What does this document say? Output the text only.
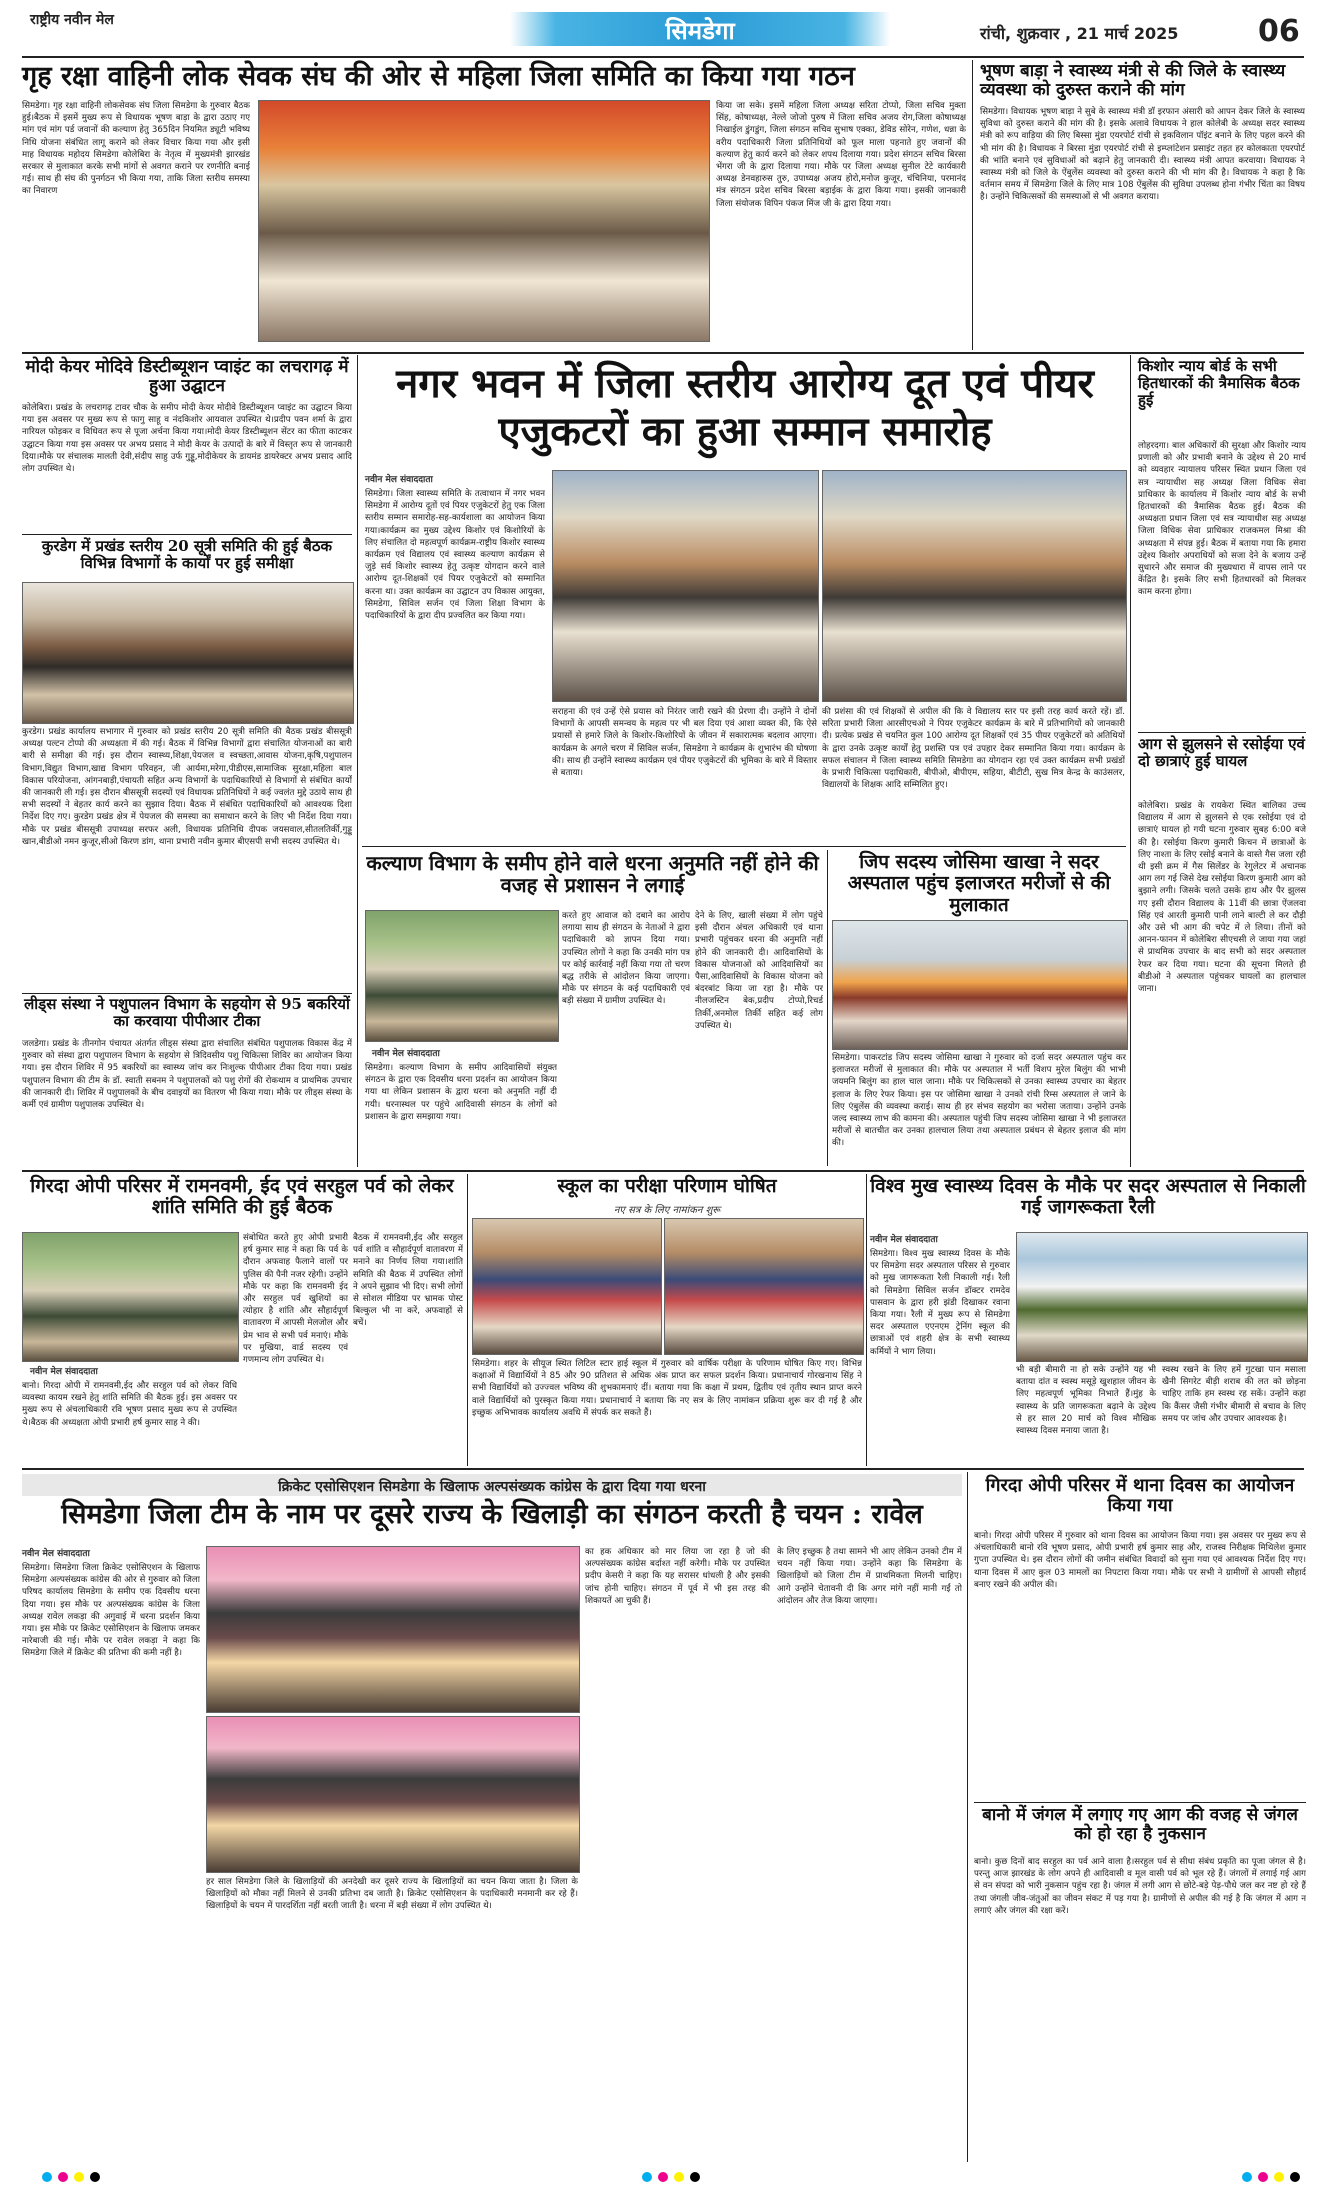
राष्ट्रीय नवीन मेल	सिमडेगा	रांची, शुक्रवार , 21 मार्च 2025	06
गृह रक्षा वाहिनी लोक सेवक संघ की ओर से महिला जिला समिति का किया गया गठन
सिमडेगा। गृह रक्षा वाहिनी लोकसेवक संघ जिला सिमडेगा के गुरुवार बैठक हुई।बैठक में इसमें मुख्य रूप से विधायक भूषण बाड़ा के द्वारा उठाए गए मांग एवं मांग पर्ड जवानों की कल्याण हेतु 365दिन नियमित ड्यूटी भविष्य निधि योजना संबंधित लागू कराने को लेकर विचार किया गया और इसी माह विधायक महोदय सिमडेगा कोलेबिरा के नेतृत्व में मुख्यमंत्री झारखंड सरकार से मुलाकात करके सभी मांगों से अवगत कराने पर रणनीति बनाई गई। साथ ही संघ की पुनर्गठन भी किया गया, ताकि जिला स्तरीय समस्या का निवारण
किया जा सके। इसमें महिला जिला अध्यक्ष सरिता टोप्पो, जिला सचिव मुक्ता सिंह, कोषाध्यक्ष, नेल्ले जोजो पुरुष में जिला सचिव अजय रोग,जिला कोषाध्यक्ष निखाईल डुंगडुंग, जिला संगठन सचिव सुभाष एक्का, डेविड सोरेन, गणेश, धन्ना के वरीय पदाधिकारी जिला प्रतिनिधियों को फूल माला पहनाते हुए जवानों की कल्याण हेतु कार्य करने को लेकर शपथ दिलाया गया। प्रदेश संगठन सचिव बिरसा भेंगरा जी के द्वारा दिलाया गया। मौके पर जिला अध्यक्ष सुनील टेटे कार्यकारी अध्यक्ष डेनवहारुस तुरु, उपाध्यक्ष अजय होरो,मनोज कुजूर, चंचिनिया, परमानंद मंत्र संगठन प्रदेश सचिव बिरसा बड़ाईक के द्वारा किया गया। इसकी जानकारी जिला संयोजक विपिन पंकज मिंज जी के द्वारा दिया गया।
भूषण बाड़ा ने स्वास्थ्य मंत्री से की जिले के स्वास्थ्य व्यवस्था को दुरुस्त कराने की मांग
सिमडेगा। विधायक भूषण बाड़ा ने सुबे के स्वास्थ्य मंत्री डॉ इरफान अंसारी को आपन देकर जिले के स्वास्थ्य सुविधा को दुरुस्त कराने की मांग की है। इसके अलावे विधायक ने हाल कोलेबी के अध्यक्ष सदर स्वास्थ्य मंत्री को रूप वाड़िया की लिए बिस्सा मुंडा एयरपोर्ट रांची से इकविलान पॉइंट बनाने के लिए पहल करने की भी मांग की है। विधायक ने बिरसा मुंडा एयरपोर्ट रांची से इम्प्लांटेशन प्रसाइंट तहत हर कोलकाता एयरपोर्ट की भांति बनाने एवं सुविधाओं को बढ़ाने हेतु जानकारी दी। स्वास्थ्य मंत्री आपत करवाया। विधायक ने स्वास्थ्य मंत्री को जिले के ऐंबुलेंस व्यवस्था को दुरुस्त कराने की भी मांग की है। विधायक ने कहा है कि वर्तमान समय में सिमडेगा जिले के लिए मात्र 108 ऐंबुलेंस की सुविधा उपलब्ध होना गंभीर चिंता का विषय है। उन्होंने चिकित्सकों की समस्याओं से भी अवगत कराया।
मोदी केयर मोदिवे डिस्टीब्यूशन प्वाइंट का लचरागढ़ में हुआ उद्घाटन
कोलेबिरा। प्रखंड के लचरागढ़ टावर चौक के समीप मोदी केयर मोदीवे डिस्टीब्यूशन प्वाइंट का उद्घाटन किया गया इस अवसर पर मुख्य रूप से फागु साहू व नंदकिशोर आयवाल उपस्थित थे।प्रदीप पवन शर्मा के द्वारा नारियल फोड़कर व विधिवत रूप से पूजा अर्चना किया गया।मोदी केयर डिस्टीब्यूशन सेंटर का फीता काटकर उद्घाटन किया गया इस अवसर पर अभय प्रसाद ने मोदी केयर के उत्पादों के बारे में विस्तृत रूप से जानकारी दिया।मौके पर संचालक मालती देवी,संदीप साहु उर्फ गुड्डू,मोदीकेयर के डायमंड डायरेक्टर अभय प्रसाद आदि लोग उपस्थित थे।
कुरडेग में प्रखंड स्तरीय 20 सूत्री समिति की हुई बैठक विभिन्न विभागों के कार्यों पर हुई समीक्षा
कुरडेग। प्रखंड कार्यालय सभागार में गुरुवार को प्रखंड स्तरीय 20 सूत्री समिति की बैठक प्रखंड बीससूत्री अध्यक्ष पल्टन टोप्पो की अध्यक्षता में की गई। बैठक में विभिन्न विभागों द्वारा संचालित योजनाओं का बारी बारी से समीक्षा की गई। इस दौरान स्वास्थ्य,शिक्षा,पेयजल व स्वच्छता,आवास योजना,कृषि,पशुपालन विभाग,विद्युत विभाग,खाद्य विभाग परिवहन, जी आर्यमा,मरेगा,पीडीएस,सामाजिक सुरक्षा,महिला बाल विकास परियोजना, आंगनबाड़ी,पंचायती सहित अन्य विभागों के पदाधिकारियों से विभागों से संबंधित कार्यों की जानकारी ली गई। इस दौरान बीससूत्री सदस्यों एवं विधायक प्रतिनिधियों ने कई ज्वलंत मुद्दे उठाये साथ ही सभी सदस्यों ने बेहतर कार्य करने का सुझाव दिया। बैठक में संबंधित पदाधिकारियों को आवश्यक दिशा निर्देश दिए गए। कुरडेग प्रखंड क्षेत्र में पेयजल की समस्या का समाधान करने के लिए भी निर्देश दिया गया। मौके पर प्रखंड बीससूत्री उपाध्यक्ष सरफर अली, विधायक प्रतिनिधि दीपक जयसवाल,सीतलतिर्की,गुड्डू खान,बीडीओ नमन कुजूर,सीओ किरण डांग, थाना प्रभारी नवीन कुमार बीएसपी सभी सदस्य उपस्थित थे।
लीड्स संस्था ने पशुपालन विभाग के सहयोग से 95 बकरियों का करवाया पीपीआर टीका
जलडेगा। प्रखंड के तीनगोन पंचायत अंतर्गत लीड्स संस्था द्वारा संचालित संबंधित पशुपालक विकास केंद्र में गुरुवार को संस्था द्वारा पशुपालन विभाग के सहयोग से त्रिदिवसीय पशु चिकित्सा शिविर का आयोजन किया गया। इस दौरान शिविर में 95 बकरियों का स्वास्थ्य जांच कर निःशुल्क पीपीआर टीका दिया गया। प्रखंड पशुपालन विभाग की टीम के डॉ. स्वाती सबनम ने पशुपालकों को पशु रोगों की रोकथाम व प्राथमिक उपचार की जानकारी दी। शिविर में पशुपालकों के बीच दवाइयों का वितरण भी किया गया। मौके पर लीड्स संस्था के कर्मी एवं ग्रामीण पशुपालक उपस्थित थे।
नगर भवन में जिला स्तरीय आरोग्य दूत एवं पीयर एजुकटरों का हुआ सम्मान समारोह
नवीन मेल संवाददाता
सिमडेगा। जिला स्वास्थ्य समिति के तत्वाधान में नगर भवन सिमडेगा में आरोग्य दूतों एवं पियर एजुकेटरों हेतु एक जिला स्तरीय सम्मान समारोह-सह-कार्यशाला का आयोजन किया गया।कार्यक्रम का मुख्य उद्देश्य किशोर एवं किशोरियों के लिए संचालित दो महत्वपूर्ण कार्यक्रम-राष्ट्रीय किशोर स्वास्थ्य कार्यक्रम एवं विद्यालय एवं स्वास्थ्य कल्याण कार्यक्रम से जुड़े सर्व किशोर स्वास्थ्य हेतु उत्कृष्ट योगदान करने वाले आरोग्य दूत-शिक्षकों एवं पियर एजुकेटरों को सम्मानित करना था। उक्त कार्यक्रम का उद्घाटन उप विकास आयुक्त, सिमडेगा, सिविल सर्जन एवं जिला शिक्षा विभाग के पदाधिकारियों के द्वारा दीप प्रज्वलित कर किया गया।
सराहना की एवं उन्हें ऐसे प्रयास को निरंतर जारी रखने की प्रेरणा दी। उन्होंने ने दोनों विभागों के आपसी समन्वय के महत्व पर भी बल दिया एवं आशा व्यक्त की, कि ऐसे प्रयासों से हमारे जिले के किशोर-किशोरियों के जीवन में सकारात्मक बदलाव आएगा। कार्यक्रम के अगले चरण में सिविल सर्जन, सिमडेगा ने कार्यक्रम के शुभारंभ की घोषणा की। साथ ही उन्होंने स्वास्थ्य कार्यक्रम एवं पीयर एजुकेटरों की भूमिका के बारे में विस्तार से बताया।
की प्रशंसा की एवं शिक्षकों से अपील की कि वे विद्यालय स्तर पर इसी तरह कार्य करते रहें। डॉ. सरिता प्रभारी जिला आरसीएचओ ने पियर एजुकेटर कार्यक्रम के बारे में प्रतिभागियों को जानकारी दी। प्रत्येक प्रखंड से चयनित कुल 100 आरोग्य दूत शिक्षकों एवं 35 पीयर एजुकेटरों को अतिथियों के द्वारा उनके उत्कृष्ट कार्यों हेतु प्रशस्ति पत्र एवं उपहार देकर सम्मानित किया गया। कार्यक्रम के सफल संचालन में जिला स्वास्थ्य समिति सिमडेगा का योगदान रहा एवं उक्त कार्यक्रम सभी प्रखंडों के प्रभारी चिकित्सा पदाधिकारी, बीपीओ, बीपीएम, सहिया, बीटीटी, सुख मित्र केन्द्र के काउंसलर, विद्यालयों के शिक्षक आदि सम्मिलित हुए।
किशोर न्याय बोर्ड के सभी हितधारकों की त्रैमासिक बैठक हुई
लोहरदगा। बाल अधिकारों की सुरक्षा और किशोर न्याय प्रणाली को और प्रभावी बनाने के उद्देश्य से 20 मार्च को व्यवहार न्यायालय परिसर स्थित प्रधान जिला एवं सत्र न्यायाधीश सह अध्यक्ष जिला विधिक सेवा प्राधिकार के कार्यालय में किशोर न्याय बोर्ड के सभी हितधारकों की त्रैमासिक बैठक हुई। बैठक की अध्यक्षता प्रधान जिला एवं सत्र न्यायाधीश सह अध्यक्ष जिला विधिक सेवा प्राधिकार राजकमल मिश्रा की अध्यक्षता में संपन्न हुई। बैठक में बताया गया कि हमारा उद्देश्य किशोर अपराधियों को सजा देने के बजाय उन्हें सुधारने और समाज की मुख्यधारा में वापस लाने पर केंद्रित है। इसके लिए सभी हितधारकों को मिलकर काम करना होगा।
आग से झुलसने से रसोईया एवं दो छात्राएं हुई घायल
कोलेबिरा। प्रखंड के रायकेरा स्थित बालिका उच्च विद्यालय में आग से झुलसने से एक रसोईया एवं दो छात्राएं घायल हो गयी घटना गुरुवार सुबह 6:00 बजे की है। रसोईया किरण कुमारी किचन में छात्राओं के लिए नाश्ता के लिए रसोई बनाने के वास्ते गैस जला रही थी इसी क्रम में गैस सिलेंडर के रेगुलेटर में अचानक आग लग गई जिसे देख रसोईया किरण कुमारी आग को बुझाने लगी। जिसके चलते उसके हाथ और पैर झुलस गए इसी दौरान विद्यालय के 11वीं की छात्रा ऐंजलवा सिंह एवं आरती कुमारी पानी लाने बाल्टी ले कर दौड़ी और उसे भी आग की चपेट में ले लिया। तीनों को आनन-फानन में कोलेबिरा सीएचसी ले जाया गया जहां से प्राथमिक उपचार के बाद सभी को सदर अस्पताल रेफर कर दिया गया। घटना की सूचना मिलते ही बीडीओ ने अस्पताल पहुंचकर घायलों का हालचाल जाना।
कल्याण विभाग के समीप होने वाले धरना अनुमति नहीं होने की वजह से प्रशासन ने लगाई
नवीन मेल संवाददाता
सिमडेगा। कल्याण विभाग के समीप आदिवासियों संयुक्त संगठन के द्वारा एक दिवसीय धरना प्रदर्शन का आयोजन किया गया था लेकिन प्रशासन के द्वारा धरना को अनुमति नहीं दी गयी। धरनास्थल पर पहुंचे आदिवासी संगठन के लोगों को प्रशासन के द्वारा समझाया गया।
करते हुए आवाज को दबाने का आरोप लगाया साथ ही संगठन के नेताओं ने द्वारा पदाधिकारी को ज्ञापन दिया गया। उपस्थित लोगों ने कहा कि उनकी मांग पत्र पर कोई कार्रवाई नहीं किया गया तो चरण बद्ध तरीके से आंदोलन किया जाएगा। मौके पर संगठन के कई पदाधिकारी एवं बड़ी संख्या में ग्रामीण उपस्थित थे।
देने के लिए, खाली संख्या में लोग पहुंचे इसी दौरान अंचल अधिकारी एवं थाना प्रभारी पहुंचकर धरना की अनुमति नहीं होने की जानकारी दी। आदिवासियों के विकास योजनाओं को आदिवासियों का पैसा,आदिवासियों के विकास योजना को बंदरबांट किया जा रहा है। मौके पर नीलजस्टिन बेक,प्रदीप टोप्पो,रिचर्ड तिर्की,अनमोल तिर्की सहित कई लोग उपस्थित थे।
जिप सदस्य जोसिमा खाखा ने सदर अस्पताल पहुंच इलाजरत मरीजों से की मुलाकात
सिमडेगा। पाकरटांड जिप सदस्य जोसिमा खाखा ने गुरुवार को दर्जा सदर अस्पताल पहुंच कर इलाजरत मरीजों से मुलाकात की। मौके पर अस्पताल में भर्ती विशप मुरेल बिलुंग की भाभी जयमनि बिलुंग का हाल चाल जाना। मौके पर चिकित्सकों से उनका स्वास्थ्य उपचार का बेहतर इलाज के लिए रेफर किया। इस पर जोसिमा खाखा ने उनको रांची रिम्स अस्पताल ले जाने के लिए एंबुलेंस की व्यवस्था कराई। साथ ही हर संभव सहयोग का भरोसा जताया। उन्होंने उनके जल्द स्वास्थ्य लाभ की कामना की। अस्पताल पहुंची जिप सदस्य जोसिमा खाखा ने भी इलाजरत मरीजों से बातचीत कर उनका हालचाल लिया तथा अस्पताल प्रबंधन से बेहतर इलाज की मांग की।
गिरदा ओपी परिसर में रामनवमी, ईद एवं सरहुल पर्व को लेकर शांति समिति की हुई बैठक
नवीन मेल संवाददाता
बानो। गिरदा ओपी में रामनवमी,ईद और सरहुल पर्व को लेकर विधि व्यवस्था कायम रखने हेतु शांति समिति की बैठक हुई। इस अवसर पर मुख्य रूप से अंचलाधिकारी रवि भूषण प्रसाद मुख्य रूप से उपस्थित थे।बैठक की अध्यक्षता ओपी प्रभारी हर्ष कुमार साह ने की।
संबोधित करते हुए ओपी प्रभारी हर्ष कुमार साह ने कहा कि पर्व के दौरान अफवाह फैलाने वालों पर पुलिस की पैनी नजर रहेगी। उन्होंने मौके पर कहा कि रामनवमी ईद और सरहुल पर्व खुशियों का त्योहार है शांति और सौहार्दपूर्ण वातावरण में आपसी मेलजोल और प्रेम भाव से सभी पर्व मनाएं। मौके पर मुखिया, वार्ड सदस्य एवं गणमान्य लोग उपस्थित थे।
बैठक में रामनवमी,ईद और सरहुल पर्व शांति व सौहार्दपूर्ण वातावरण में मनाने का निर्णय लिया गया।शांति समिति की बैठक में उपस्थित लोगों ने अपने सुझाव भी दिए। सभी लोगों से सोशल मीडिया पर भ्रामक पोस्ट बिल्कुल भी ना करें, अफवाहों से बचें।
स्कूल का परीक्षा परिणाम घोषित
नए सत्र के लिए नामांकन शुरू
सिमडेगा। शहर के सीयूज स्थित लिटिल स्टार हाई स्कूल में गुरुवार को वार्षिक परीक्षा के परिणाम घोषित किए गए। विभिन्न कक्षाओं में विद्यार्थियों ने 85 और 90 प्रतिशत से अधिक अंक प्राप्त कर सफल प्रदर्शन किया। प्रधानाचार्य गोरखनाथ सिंह ने सभी विद्यार्थियों को उज्ज्वल भविष्य की शुभकामनाएं दीं। बताया गया कि कक्षा में प्रथम, द्वितीय एवं तृतीय स्थान प्राप्त करने वाले विद्यार्थियों को पुरस्कृत किया गया। प्रधानाचार्य ने बताया कि नए सत्र के लिए नामांकन प्रक्रिया शुरू कर दी गई है और इच्छुक अभिभावक कार्यालय अवधि में संपर्क कर सकते हैं।
विश्व मुख स्वास्थ्य दिवस के मौके पर सदर अस्पताल से निकाली गई जागरूकता रैली
नवीन मेल संवाददाता
सिमडेगा। विश्व मुख स्वास्थ्य दिवस के मौके पर सिमडेगा सदर अस्पताल परिसर से गुरुवार को मुख जागरूकता रैली निकाली गई। रैली को सिमडेगा सिविल सर्जन डॉक्टर रामदेव पासवान के द्वारा हरी झंडी दिखाकर रवाना किया गया। रैली में मुख्य रूप से सिमडेगा सदर अस्पताल एएनएम ट्रेनिंग स्कूल की छात्राओं एवं शहरी क्षेत्र के सभी स्वास्थ्य कर्मियों ने भाग लिया।
भी बड़ी बीमारी ना हो सके उन्होंने यह भी बताया दांत व स्वस्थ मसूड़े खुशहाल जीवन के लिए महत्वपूर्ण भूमिका निभाते हैं।मुंह के स्वास्थ्य के प्रति जागरूकता बढ़ाने के उद्देश्य से हर साल 20 मार्च को विश्व मौखिक स्वास्थ्य दिवस मनाया जाता है।
स्वस्थ रखने के लिए हमें गुटखा पान मसाला खैनी सिगरेट बीड़ी शराब की लत को छोड़ना चाहिए ताकि हम स्वस्थ रह सकें। उन्होंने कहा कि कैंसर जैसी गंभीर बीमारी से बचाव के लिए समय पर जांच और उपचार आवश्यक है।
क्रिकेट एसोसिएशन सिमडेगा के खिलाफ अल्पसंख्यक कांग्रेस के द्वारा दिया गया धरना
सिमडेगा जिला टीम के नाम पर दूसरे राज्य के खिलाड़ी का संगठन करती है चयन : रावेल
नवीन मेल संवाददाता
सिमडेगा। सिमडेगा जिला क्रिकेट एसोसिएशन के खिलाफ सिमडेगा अल्पसंख्यक कांग्रेस की ओर से गुरुवार को जिला परिषद कार्यालय सिमडेगा के समीप एक दिवसीय धरना दिया गया। इस मौके पर अल्पसंख्यक कांग्रेस के जिला अध्यक्ष रावेल लकड़ा की अगुवाई में धरना प्रदर्शन किया गया। इस मौके पर क्रिकेट एसोसिएशन के खिलाफ जमकर नारेबाजी की गई। मौके पर रावेल लकड़ा ने कहा कि सिमडेगा जिले में क्रिकेट की प्रतिभा की कमी नहीं है।
हर साल सिमडेगा जिले के खिलाड़ियों की अनदेखी कर दूसरे राज्य के खिलाड़ियों का चयन किया जाता है। जिला के खिलाड़ियों को मौका नहीं मिलने से उनकी प्रतिभा दब जाती है। क्रिकेट एसोसिएशन के पदाधिकारी मनमानी कर रहे हैं। खिलाड़ियों के चयन में पारदर्शिता नहीं बरती जाती है। धरना में बड़ी संख्या में लोग उपस्थित थे।
का हक अधिकार को मार लिया जा रहा है जो की अल्पसंख्यक कांग्रेस बर्दाश्त नहीं करेगी। मौके पर उपस्थित प्रदीप केसरी ने कहा कि यह सरासर धांधली है और इसकी जांच होनी चाहिए। संगठन में पूर्व में भी इस तरह की शिकायतें आ चुकी हैं।
के लिए इच्छुक है तथा सामने भी आए लेकिन उनको टीम में चयन नहीं किया गया। उन्होंने कहा कि सिमडेगा के खिलाड़ियों को जिला टीम में प्राथमिकता मिलनी चाहिए। आगे उन्होंने चेतावनी दी कि अगर मांगे नहीं मानी गईं तो आंदोलन और तेज किया जाएगा।
गिरदा ओपी परिसर में थाना दिवस का आयोजन किया गया
बानो। गिरदा ओपी परिसर में गुरुवार को थाना दिवस का आयोजन किया गया। इस अवसर पर मुख्य रूप से अंचलाधिकारी बानो रवि भूषण प्रसाद, ओपी प्रभारी हर्ष कुमार साह और, राजस्व निरीक्षक मिथिलेश कुमार गुप्ता उपस्थित थे। इस दौरान लोगों की जमीन संबंधित विवादों को सुना गया एवं आवश्यक निर्देश दिए गए। थाना दिवस में आए कुल 03 मामलों का निपटारा किया गया। मौके पर सभी ने ग्रामीणों से आपसी सौहार्द बनाए रखने की अपील की।
बानो में जंगल में लगाए गए आग की वजह से जंगल को हो रहा है नुकसान
बानो। कुछ दिनों बाद सरहुल का पर्व आने वाला है।सरहुल पर्व से सीधा संबंध प्रकृति का पूजा जंगल से है। परन्तु आज झारखंड के लोग अपने ही आदिवासी व मूल वासी पर्व को भूल रहे हैं। जंगलों में लगाई गई आग से वन संपदा को भारी नुकसान पहुंच रहा है। जंगल में लगी आग से छोटे-बड़े पेड़-पौधे जल कर नष्ट हो रहे हैं तथा जंगली जीव-जंतुओं का जीवन संकट में पड़ गया है। ग्रामीणों से अपील की गई है कि जंगल में आग न लगाएं और जंगल की रक्षा करें।
